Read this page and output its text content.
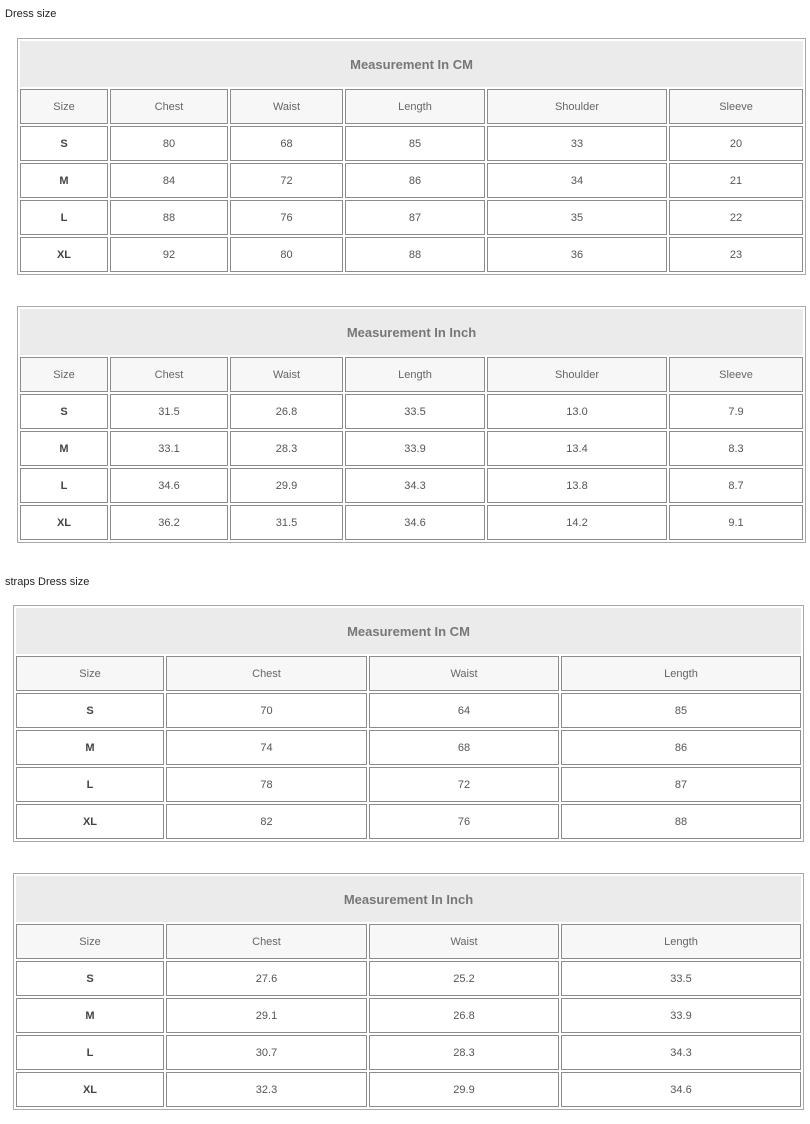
Dress size
Measurement In CM					
Size	Chest	Waist	Length	Shoulder	Sleeve
S	80	68	85	33	20
M	84	72	86	34	21
L	88	76	87	35	22
XL	92	80	88	36	23
Measurement In Inch					
Size	Chest	Waist	Length	Shoulder	Sleeve
S	31.5	26.8	33.5	13.0	7.9
M	33.1	28.3	33.9	13.4	8.3
L	34.6	29.9	34.3	13.8	8.7
XL	36.2	31.5	34.6	14.2	9.1
straps Dress size
Measurement In CM			
Size	Chest	Waist	Length
S	70	64	85
M	74	68	86
L	78	72	87
XL	82	76	88
Measurement In Inch			
Size	Chest	Waist	Length
S	27.6	25.2	33.5
M	29.1	26.8	33.9
L	30.7	28.3	34.3
XL	32.3	29.9	34.6
